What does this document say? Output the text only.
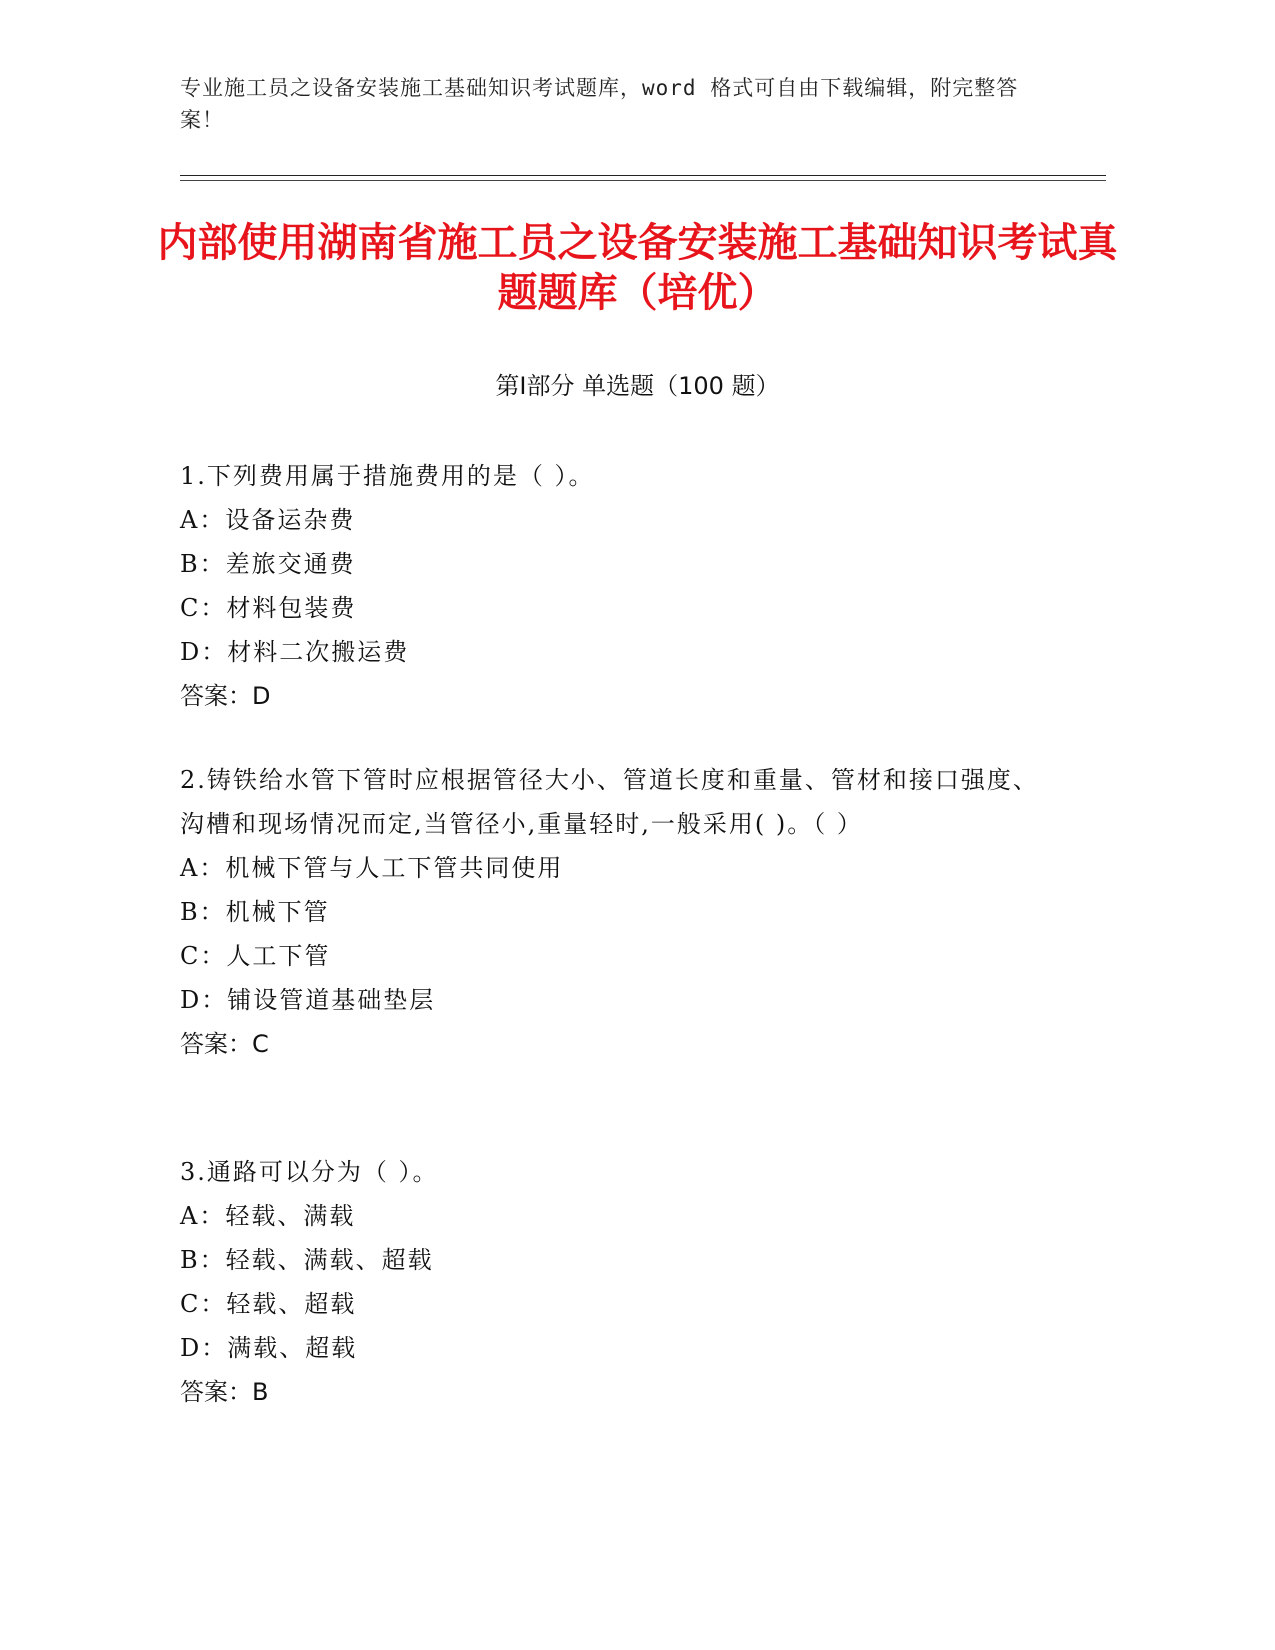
专业施工员之设备安装施工基础知识考试题库，word 格式可自由下载编辑，附完整答案！
内部使用湖南省施工员之设备安装施工基础知识考试真题题库（培优）
第Ⅰ部分 单选题（100 题）

1.下列费用属于措施费用的是（ ）。

A：设备运杂费

B：差旅交通费

C：材料包装费

D：材料二次搬运费

答案：D

2.铸铁给水管下管时应根据管径大小、管道长度和重量、管材和接口强度、沟槽和现场情况而定,当管径小,重量轻时,一般采用( )。（ ）

A：机械下管与人工下管共同使用

B：机械下管

C：人工下管

D：铺设管道基础垫层

答案：C

3.通路可以分为（ ）。

A：轻载、满载

B：轻载、满载、超载

C：轻载、超载

D：满载、超载

答案：B
